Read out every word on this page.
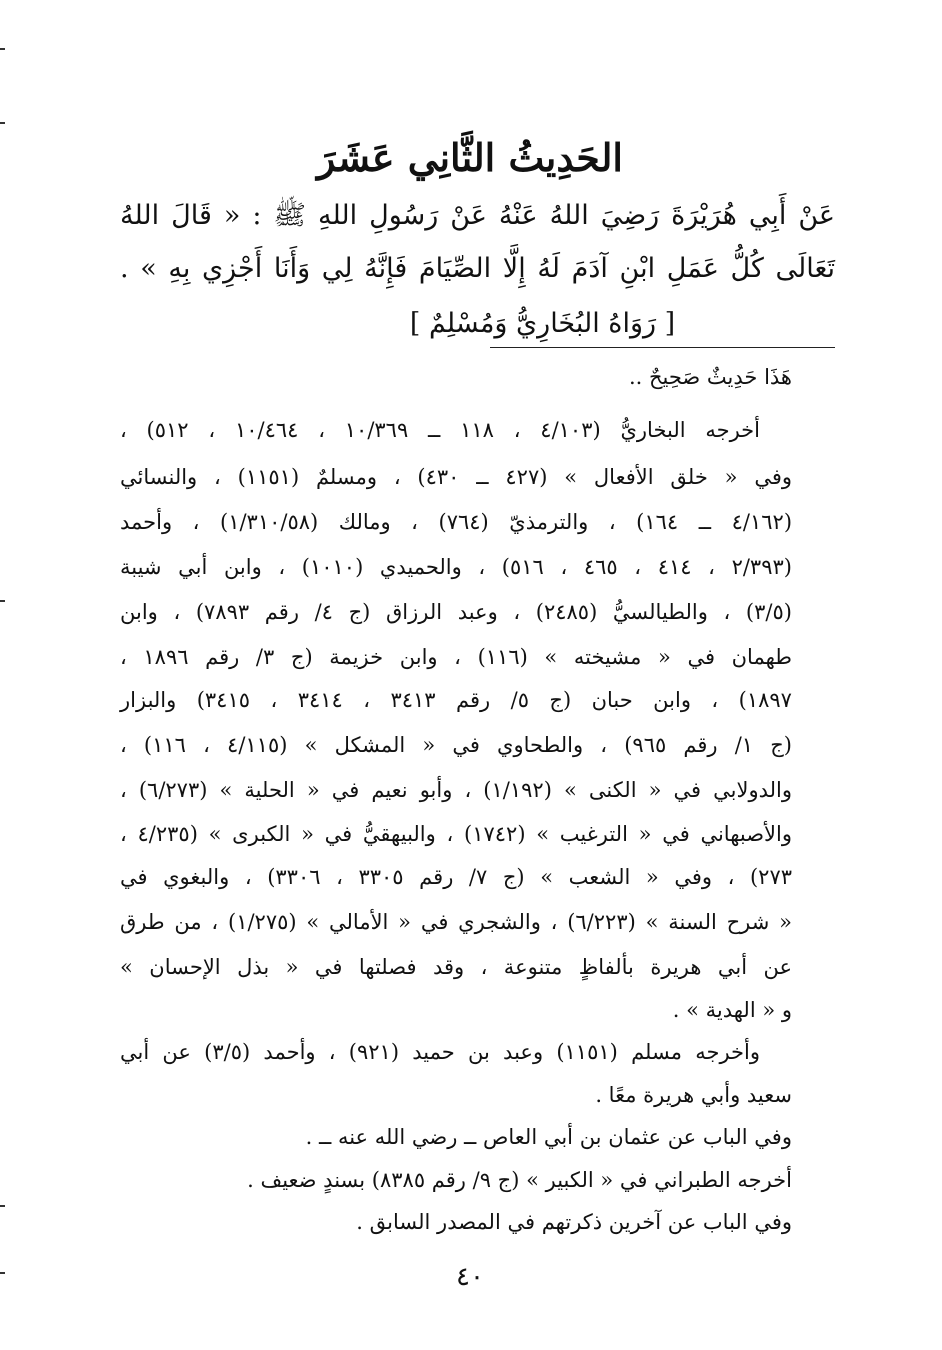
الحَدِيثُ الثَّانِي عَشَرَ
عَنْ أَبِي هُرَيْرَةَ رَضِيَ اللهُ عَنْهُ عَنْ رَسُولِ اللهِ ﷺ : « قَالَ اللهُ
تَعَالَى كُلُّ عَمَلِ ابْنِ آدَمَ لَهُ إِلَّا الصِّيَامَ فَإِنَّهُ لِي وَأَنَا أَجْزِي بِهِ » .
[ رَوَاهُ البُخَارِيُّ وَمُسْلِمٌ ]
هَذَا حَدِيثٌ صَحِيحٌ ..
أخرجه البخاريُّ (٤/١٠٣ ، ١١٨ ــ ١٠/٣٦٩ ، ١٠/٤٦٤ ، ٥١٢) ،
وفي « خلق الأفعال » (٤٢٧ ــ ٤٣٠) ، ومسلمٌ (١١٥١) ، والنسائي
(٤/١٦٢ ــ ١٦٤) ، والترمذيّ (٧٦٤) ، ومالك (١/٣١٠/٥٨) ، وأحمد
(٢/٣٩٣ ، ٤١٤ ، ٤٦٥ ، ٥١٦) ، والحميدي (١٠١٠) ، وابن أبي شيبة
(٣/٥) ، والطيالسيُّ (٢٤٨٥) ، وعبد الرزاق (ج ٤/ رقم ٧٨٩٣) ، وابن
طهمان في « مشيخته » (١١٦) ، وابن خزيمة (ج ٣/ رقم ١٨٩٦ ،
١٨٩٧) ، وابن حبان (ج ٥/ رقم ٣٤١٣ ، ٣٤١٤ ، ٣٤١٥) والبزار
(ج ١/ رقم ٩٦٥) ، والطحاوي في « المشكل » (٤/١١٥ ، ١١٦) ،
والدولابي في « الكنى » (١/١٩٢) ، وأبو نعيم في « الحلية » (٦/٢٧٣) ،
والأصبهاني في « الترغيب » (١٧٤٢) ، والبيهقيُّ في « الكبرى » (٤/٢٣٥ ،
٢٧٣) ، وفي « الشعب » (ج ٧/ رقم ٣٣٠٥ ، ٣٣٠٦) ، والبغوي في
« شرح السنة » (٦/٢٢٣) ، والشجري في « الأمالي » (١/٢٧٥) ، من طرق
عن أبي هريرة بألفاظٍ متنوعة ، وقد فصلتها في « بذل الإحسان »
و « الهدية » .
وأخرجه مسلم (١١٥١) وعبد بن حميد (٩٢١) ، وأحمد (٣/٥) عن أبي
سعيد وأبي هريرة معًا .
وفي الباب عن عثمان بن أبي العاص ــ رضي الله عنه ــ .
أخرجه الطبراني في « الكبير » (ج ٩/ رقم ٨٣٨٥) بسندٍ ضعيف .
وفي الباب عن آخرين ذكرتهم في المصدر السابق .
٤٠
